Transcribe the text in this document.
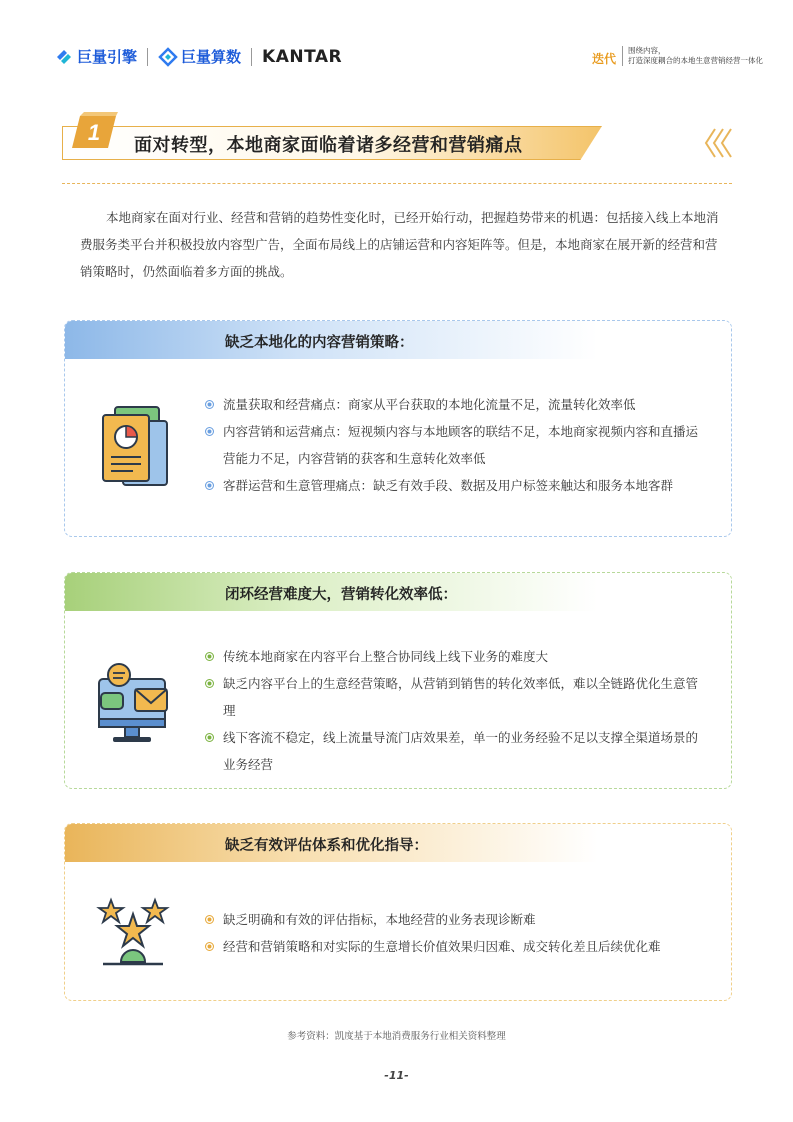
巨量引擎	巨量算数 KANTAR	迭代
围绕内容，
打造深度耦合的本地生意营销经营一体化
1
面对转型，本地商家面临着诸多经营和营销痛点

本地商家在面对行业、经营和营销的趋势性变化时，已经开始行动，把握趋势带来的机遇：包括接入线上本地消费服务类平台并积极投放内容型广告，全面布局线上的店铺运营和内容矩阵等。但是，本地商家在展开新的经营和营销策略时，仍然面临着多方面的挑战。

缺乏本地化的内容营销策略：
流量获取和经营痛点：商家从平台获取的本地化流量不足，流量转化效率低
内容营销和运营痛点：短视频内容与本地顾客的联结不足，本地商家视频内容和直播运营能力不足，内容营销的获客和生意转化效率低
客群运营和生意管理痛点：缺乏有效手段、数据及用户标签来触达和服务本地客群
闭环经营难度大，营销转化效率低：
传统本地商家在内容平台上整合协同线上线下业务的难度大
缺乏内容平台上的生意经营策略，从营销到销售的转化效率低，难以全链路优化生意管理
线下客流不稳定，线上流量导流门店效果差，单一的业务经验不足以支撑全渠道场景的业务经营
缺乏有效评估体系和优化指导：
缺乏明确和有效的评估指标，本地经营的业务表现诊断难
经营和营销策略和对实际的生意增长价值效果归因难、成交转化差且后续优化难
参考资料：凯度基于本地消费服务行业相关资料整理
-11-
